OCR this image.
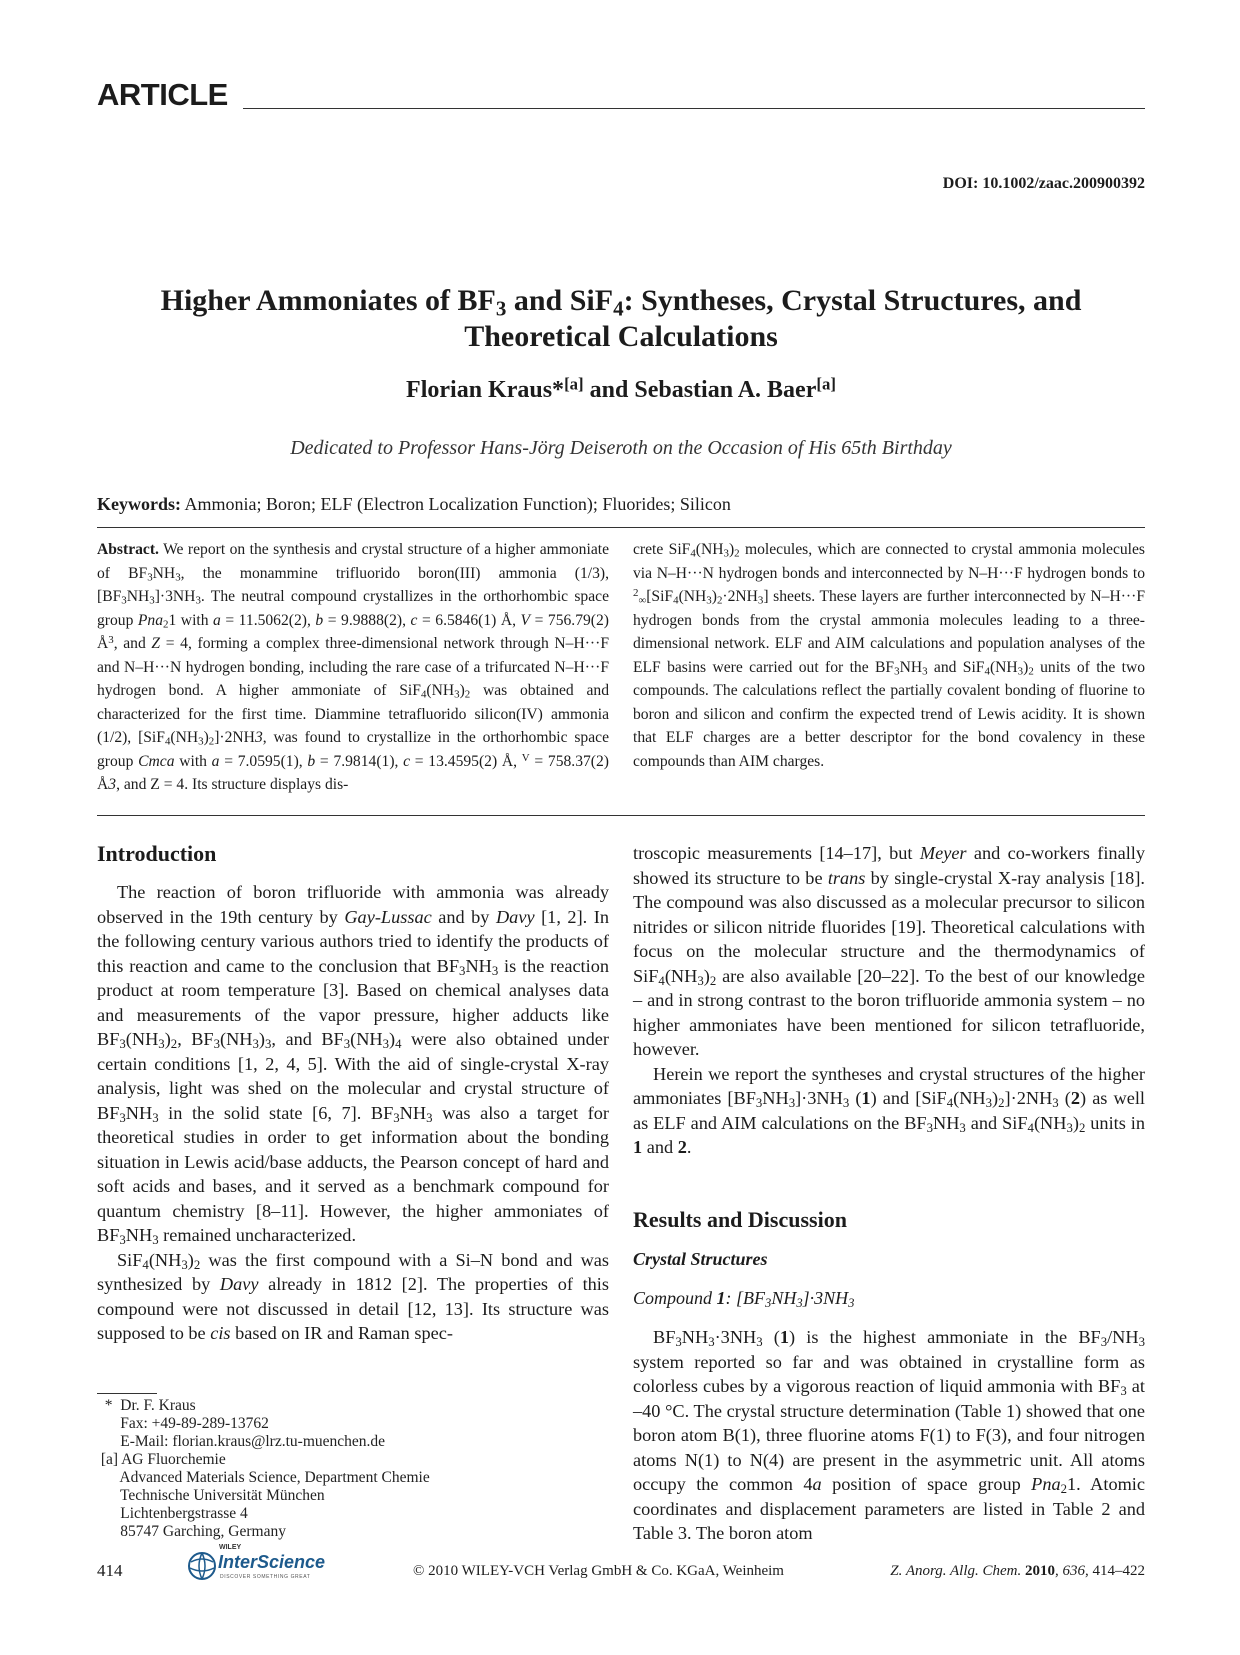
ARTICLE
DOI: 10.1002/zaac.200900392
Higher Ammoniates of $BF_3$ and SiF$_4$: Syntheses, Crystal Structures, and
Theoretical Calculations
Florian Kraus*[a] and Sebastian A. Baer[a]
Dedicated to Professor Hans-Jörg Deiseroth on the Occasion of His 65th Birthday
Keywords: Ammonia; Boron; ELF (Electron Localization Function); Fluorides; Silicon

Abstract. We report on the synthesis and crystal structure of a higher ammoniate of $BF_3NH_3$, the monammine trifluorido boron(III) ammonia (1/3), $[BF_3NH_3]\cdot 3NH_3$. The neutral compound crystallizes in the orthorhombic space group Pna$_2$1 with a = 11.5062(2), b = 9.9888(2), c = 6.5846(1) Å, V = 756.79(2) $Å^3$, and Z = 4, forming a complex three-dimensional network through N–H···F and N–H···N hydrogen bonding, including the rare case of a trifurcated N–H···F hydrogen bond. A higher ammoniate of $SiF_4(NH_3)_2$ was obtained and characterized for the first time. Diammine tetrafluorido silicon(IV) ammonia (1/2), $[SiF_4(NH_3)_2]\cdot 2NH3$, was found to crystallize in the orthorhombic space group Cmca with a = 7.0595(1), b = 7.9814(1), c = 13.4595(2) Å, $^V$ = 758.37(2) Å3, and Z = 4. Its structure displays dis-

crete $SiF_4(NH_3)_2$ molecules, which are connected to crystal ammonia molecules via N–H···N hydrogen bonds and interconnected by N–H···F hydrogen bonds to $^2_\infty[SiF_4(NH_3)_2\cdot 2NH_3]$ sheets. These layers are further interconnected by N–H···F hydrogen bonds from the crystal ammonia molecules leading to a three-dimensional network. ELF and AIM calculations and population analyses of the ELF basins were carried out for the $BF_3NH_3$ and $SiF_4(NH_3)_2$ units of the two compounds. The calculations reflect the partially covalent bonding of fluorine to boron and silicon and confirm the expected trend of Lewis acidity. It is shown that ELF charges are a better descriptor for the bond covalency in these compounds than AIM charges.

Introduction

The reaction of boron trifluoride with ammonia was already observed in the 19th century by Gay-Lussac and by Davy [1, 2]. In the following century various authors tried to identify the products of this reaction and came to the conclusion that $BF_3NH_3$ is the reaction product at room temperature [3]. Based on chemical analyses data and measurements of the vapor pressure, higher adducts like $BF_3(NH_3)_2$, $BF_3(NH_3)_3$, and $BF_3(NH_3)_4$ were also obtained under certain conditions [1, 2, 4, 5]. With the aid of single-crystal X-ray analysis, light was shed on the molecular and crystal structure of $BF_3NH_3$ in the solid state [6, 7]. $BF_3NH_3$ was also a target for theoretical studies in order to get information about the bonding situation in Lewis acid/base adducts, the Pearson concept of hard and soft acids and bases, and it served as a benchmark compound for quantum chemistry [8–11]. However, the higher ammoniates of $BF_3NH_3$ remained uncharacterized.

$SiF_4(NH_3)_2$ was the first compound with a Si–N bond and was synthesized by Davy already in 1812 [2]. The properties of this compound were not discussed in detail [12, 13]. Its structure was supposed to be cis based on IR and Raman spec-

*  Dr. F. Kraus
Fax: +49-89-289-13762
E-Mail: florian.kraus@lrz.tu-muenchen.de
[a] AG Fluorchemie
Advanced Materials Science, Department Chemie
Technische Universität München
Lichtenbergstrasse 4
85747 Garching, Germany

troscopic measurements [14–17], but Meyer and co-workers finally showed its structure to be trans by single-crystal X-ray analysis [18]. The compound was also discussed as a molecular precursor to silicon nitrides or silicon nitride fluorides [19]. Theoretical calculations with focus on the molecular structure and the thermodynamics of $SiF_4(NH_3)_2$ are also available [20–22]. To the best of our knowledge – and in strong contrast to the boron trifluoride ammonia system – no higher ammoniates have been mentioned for silicon tetrafluoride, however.

Herein we report the syntheses and crystal structures of the higher ammoniates $[BF_3NH_3]\cdot 3NH_3$ (1) and $[SiF_4(NH_3)_2]\cdot 2NH_3$ (2) as well as ELF and AIM calculations on the $BF_3NH_3$ and $SiF_4(NH_3)_2$ units in 1 and 2.

Results and Discussion
Crystal Structures
Compound 1: $[BF_3NH_3]\cdot 3NH_3$

$BF_3NH_3\cdot 3NH_3$ (1) is the highest ammoniate in the $BF_3/NH_3$ system reported so far and was obtained in crystalline form as colorless cubes by a vigorous reaction of liquid ammonia with $BF_3$ at –40 °C. The crystal structure determination (Table 1) showed that one boron atom B(1), three fluorine atoms F(1) to F(3), and four nitrogen atoms N(1) to N(4) are present in the asymmetric unit. All atoms occupy the common 4a position of space group Pna$_2$1. Atomic coordinates and displacement parameters are listed in Table 2 and Table 3. The boron atom

414
WILEY
InterScience
DISCOVER SOMETHING GREAT	© 2010 WILEY-VCH Verlag GmbH & Co. KGaA, Weinheim	Z. Anorg. Allg. Chem. 2010, 636, 414–422
